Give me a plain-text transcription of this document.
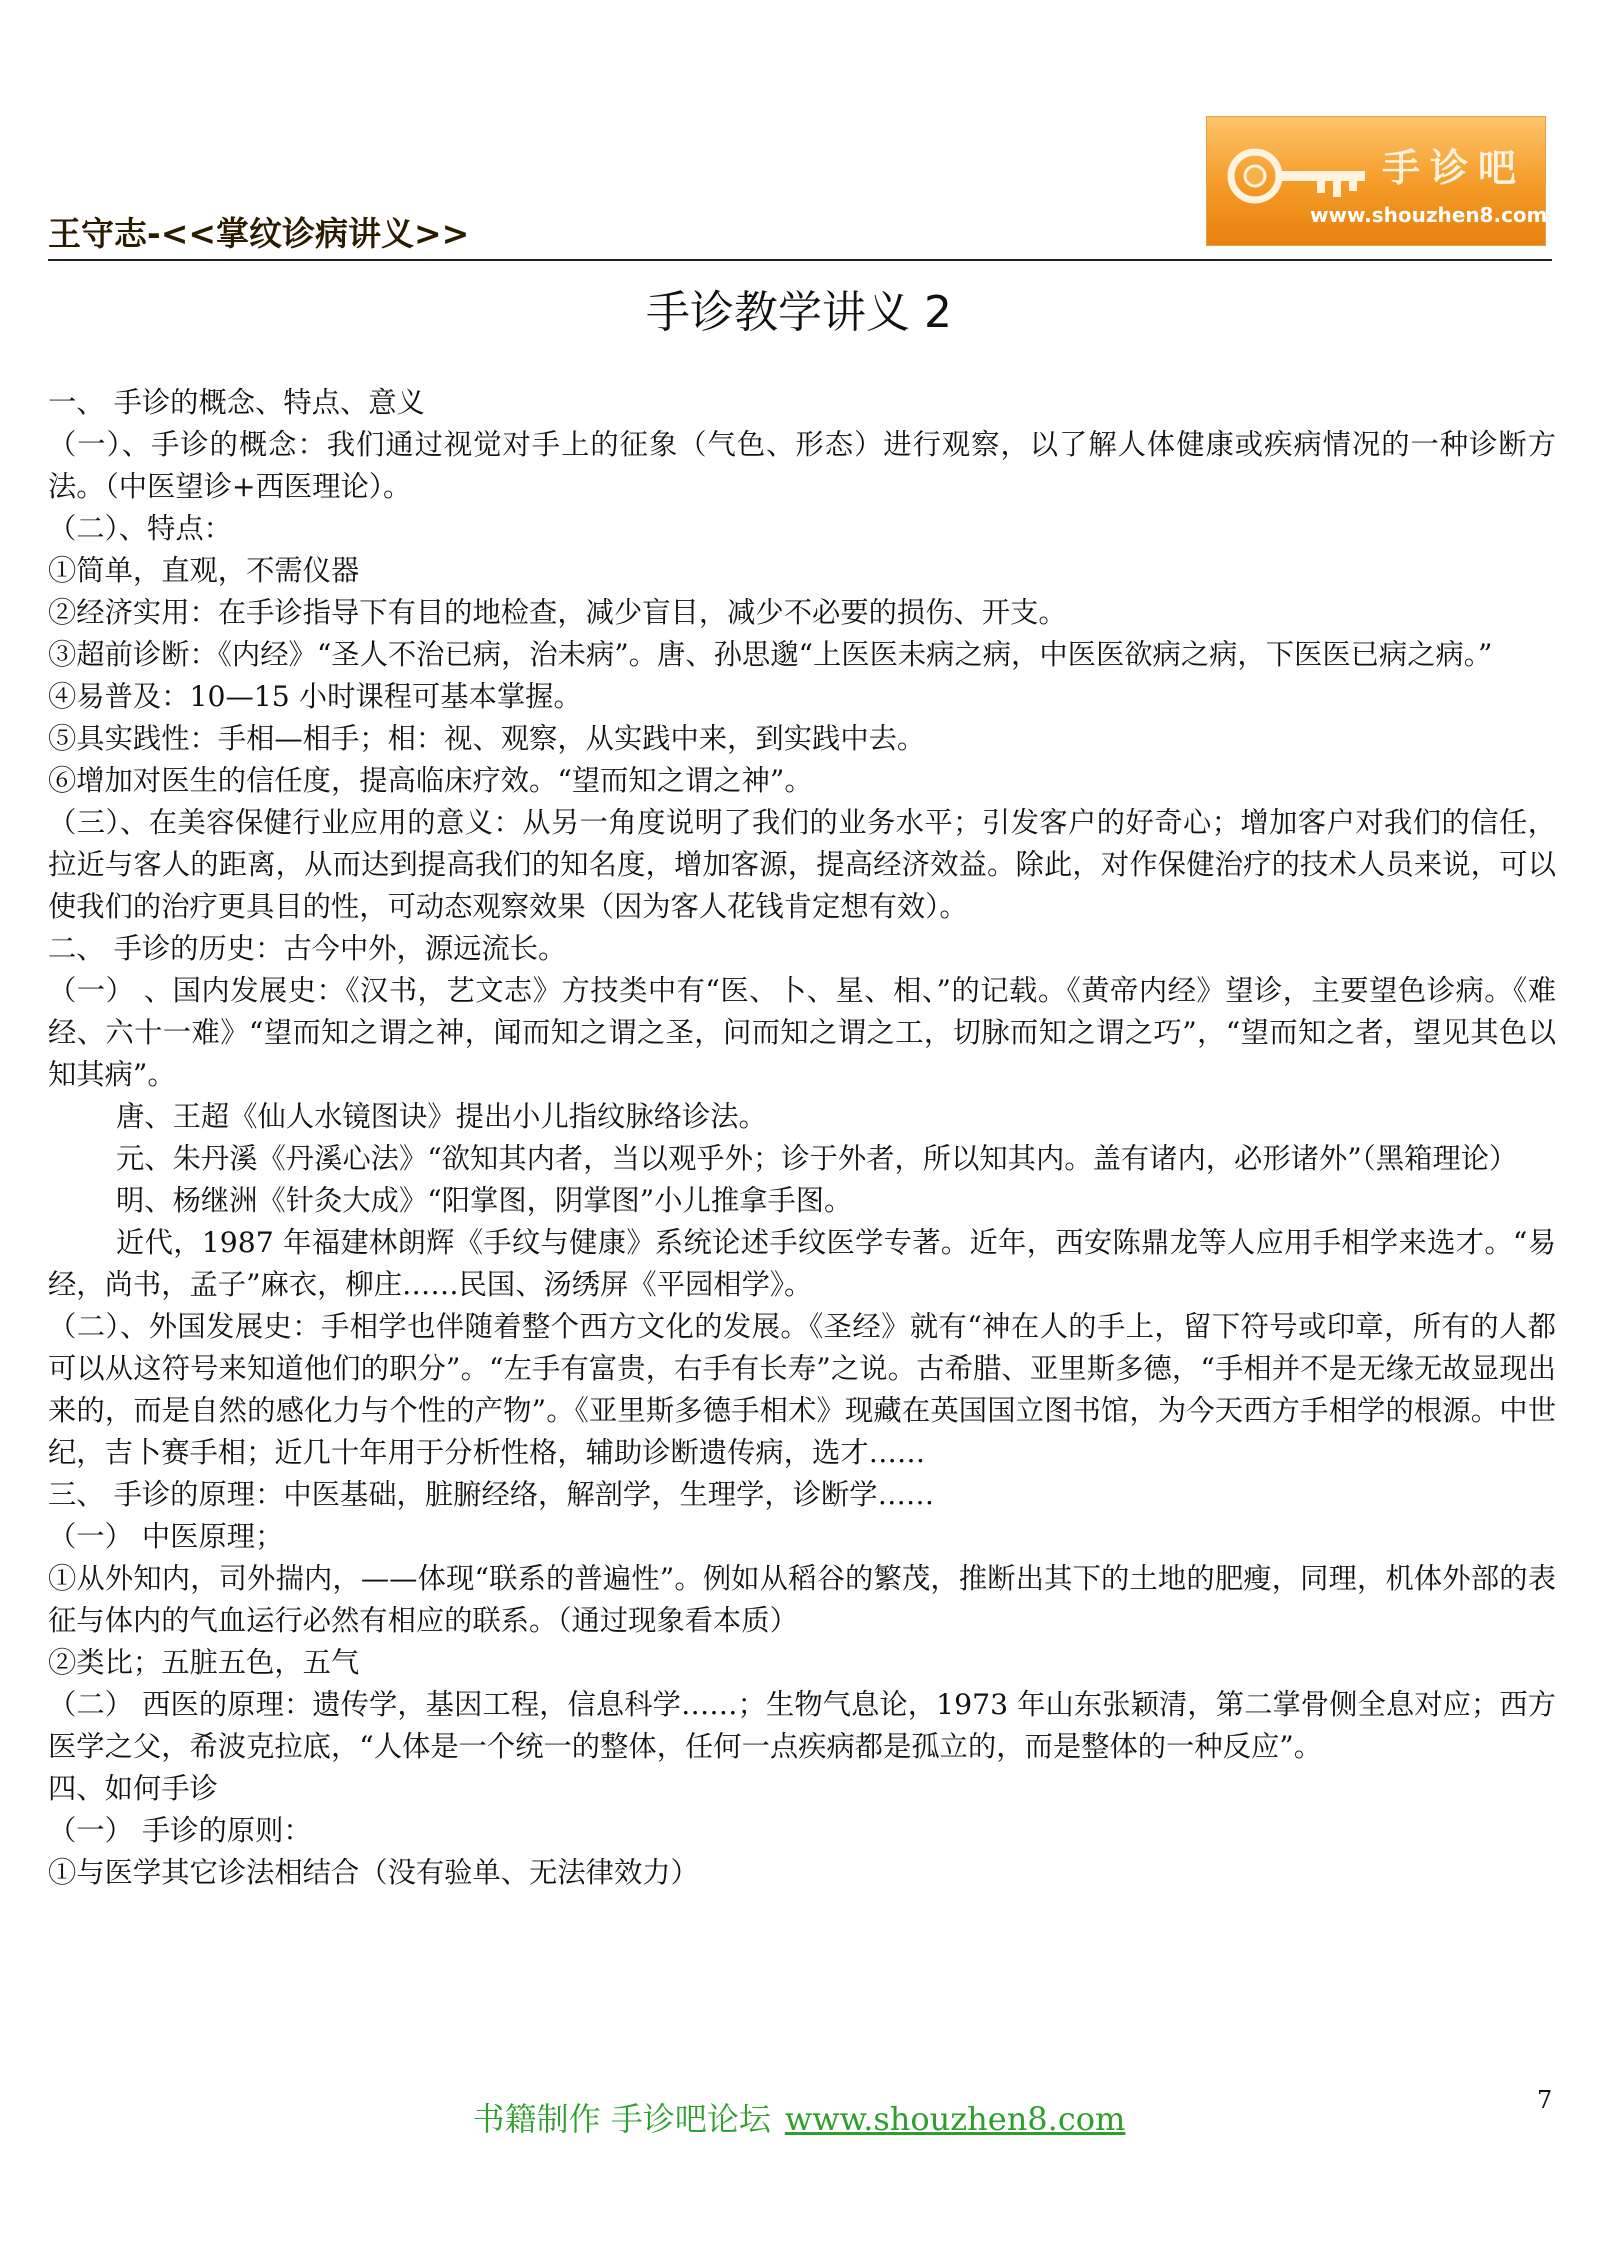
王守志-<<掌纹诊病讲义>>
手诊吧
www.shouzhen8.com
手诊教学讲义 2

一、 手诊的概念、特点、意义

（一）、手诊的概念：我们通过视觉对手上的征象（气色、形态）进行观察，以了解人体健康或疾病情况的一种诊断方法。（中医望诊+西医理论）。

（二）、特点：

①简单，直观，不需仪器

②经济实用：在手诊指导下有目的地检查，减少盲目，减少不必要的损伤、开支。

③超前诊断：《内经》“圣人不治已病，治未病”。唐、孙思邈“上医医未病之病，中医医欲病之病，下医医已病之病。”

④易普及：10—15 小时课程可基本掌握。

⑤具实践性：手相—相手；相：视、观察，从实践中来，到实践中去。

⑥增加对医生的信任度，提高临床疗效。“望而知之谓之神”。

（三）、在美容保健行业应用的意义：从另一角度说明了我们的业务水平；引发客户的好奇心；增加客户对我们的信任，拉近与客人的距离，从而达到提高我们的知名度，增加客源，提高经济效益。除此，对作保健治疗的技术人员来说，可以使我们的治疗更具目的性，可动态观察效果（因为客人花钱肯定想有效）。

二、 手诊的历史：古今中外，源远流长。

（一） 、国内发展史：《汉书，艺文志》方技类中有“医、卜、星、相、”的记载。《黄帝内经》望诊，主要望色诊病。《难经、六十一难》“望而知之谓之神，闻而知之谓之圣，问而知之谓之工，切脉而知之谓之巧”，“望而知之者，望见其色以知其病”。

唐、王超《仙人水镜图诀》提出小儿指纹脉络诊法。

元、朱丹溪《丹溪心法》“欲知其内者，当以观乎外；诊于外者，所以知其内。盖有诸内，必形诸外”（黑箱理论）

明、杨继洲《针灸大成》“阳掌图，阴掌图”小儿推拿手图。

近代，1987 年福建林朗辉《手纹与健康》系统论述手纹医学专著。近年，西安陈鼎龙等人应用手相学来选才。“易经，尚书，孟子”麻衣，柳庄……民国、汤绣屏《平园相学》。

（二）、外国发展史：手相学也伴随着整个西方文化的发展。《圣经》就有“神在人的手上，留下符号或印章，所有的人都可以从这符号来知道他们的职分”。“左手有富贵，右手有长寿”之说。古希腊、亚里斯多德，“手相并不是无缘无故显现出来的，而是自然的感化力与个性的产物”。《亚里斯多德手相术》现藏在英国国立图书馆，为今天西方手相学的根源。中世纪，吉卜赛手相；近几十年用于分析性格，辅助诊断遗传病，选才……

三、 手诊的原理：中医基础，脏腑经络，解剖学，生理学，诊断学……

（一） 中医原理；

①从外知内，司外揣内，——体现“联系的普遍性”。例如从稻谷的繁茂，推断出其下的土地的肥瘦，同理，机体外部的表征与体内的气血运行必然有相应的联系。（通过现象看本质）

②类比；五脏五色，五气

（二） 西医的原理：遗传学，基因工程，信息科学……；生物气息论，1973 年山东张颖清，第二掌骨侧全息对应；西方医学之父，希波克拉底，“人体是一个统一的整体，任何一点疾病都是孤立的，而是整体的一种反应”。

四、如何手诊

（一） 手诊的原则：

①与医学其它诊法相结合（没有验单、无法律效力）

书籍制作 手诊吧论坛 www.shouzhen8.com	7
